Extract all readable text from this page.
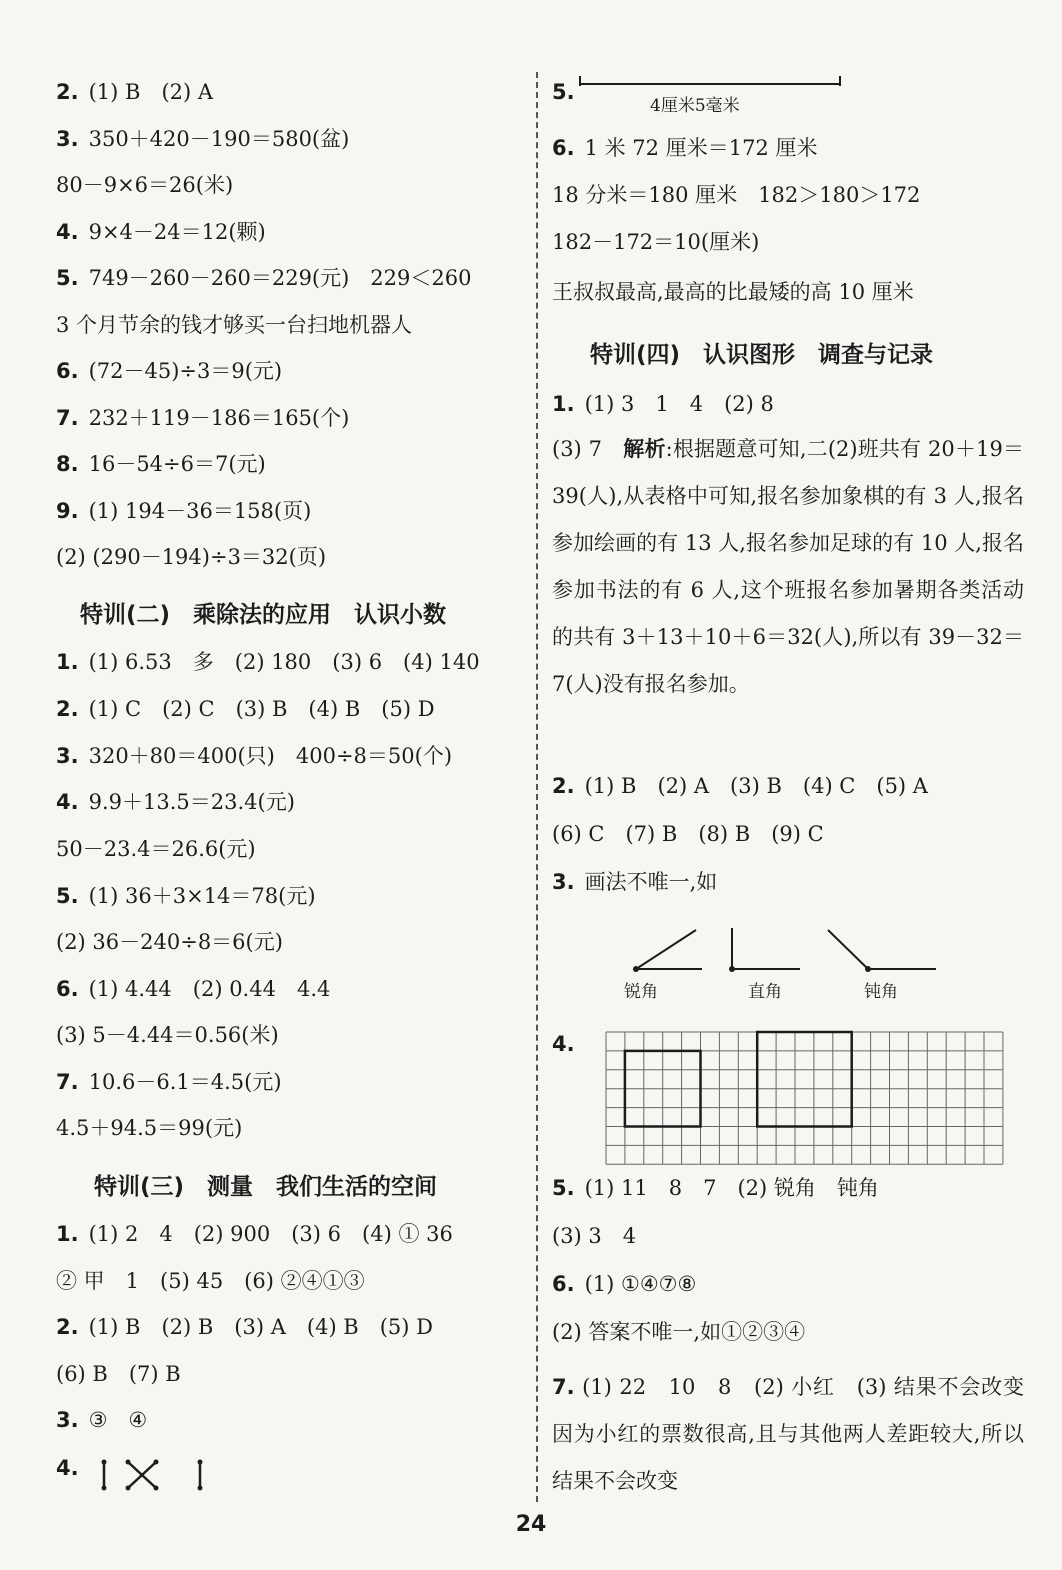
2. (1) B　(2) A
3. 350＋420－190＝580(盆)
80－9×6＝26(米)
4. 9×4－24＝12(颗)
5. 749－260－260＝229(元)　229＜260
3 个月节余的钱才够买一台扫地机器人
6. (72－45)÷3＝9(元)
7. 232＋119－186＝165(个)
8. 16－54÷6＝7(元)
9. (1) 194－36＝158(页)
(2) (290－194)÷3＝32(页)
特训(二)　乘除法的应用　认识小数
1. (1) 6.53　多　(2) 180　(3) 6　(4) 140
2. (1) C　(2) C　(3) B　(4) B　(5) D
3. 320＋80＝400(只)　400÷8＝50(个)
4. 9.9＋13.5＝23.4(元)
50－23.4＝26.6(元)
5. (1) 36＋3×14＝78(元)
(2) 36－240÷8＝6(元)
6. (1) 4.44　(2) 0.44　4.4
(3) 5－4.44＝0.56(米)
7. 10.6－6.1＝4.5(元)
4.5＋94.5＝99(元)
特训(三)　测量　我们生活的空间
1. (1) 2　4　(2) 900　(3) 6　(4) ① 36
② 甲　1　(5) 45　(6) ②④①③
2. (1) B　(2) B　(3) A　(4) B　(5) D
(6) B　(7) B
3. ③　④
4.
5.
4厘米5毫米
6. 1 米 72 厘米＝172 厘米
18 分米＝180 厘米　182＞180＞172
182－172＝10(厘米)
王叔叔最高,最高的比最矮的高 10 厘米
特训(四)　认识图形　调查与记录
1. (1) 3　1　4　(2) 8
(3) 7　解析:根据题意可知,二(2)班共有 20＋19＝39(人),从表格中可知,报名参加象棋的有 3 人,报名参加绘画的有 13 人,报名参加足球的有 10 人,报名参加书法的有 6 人,这个班报名参加暑期各类活动的共有 3＋13＋10＋6＝32(人),所以有 39－32＝7(人)没有报名参加。
2. (1) B　(2) A　(3) B　(4) C　(5) A
(6) C　(7) B　(8) B　(9) C
3. 画法不唯一,如
锐角	直角	钝角
4.
5. (1) 11　8　7　(2) 锐角　钝角
(3) 3　4
6. (1) ①④⑦⑧
(2) 答案不唯一,如①②③④
7. (1) 22　10　8　(2) 小红　(3) 结果不会改变　因为小红的票数很高,且与其他两人差距较大,所以结果不会改变
24
